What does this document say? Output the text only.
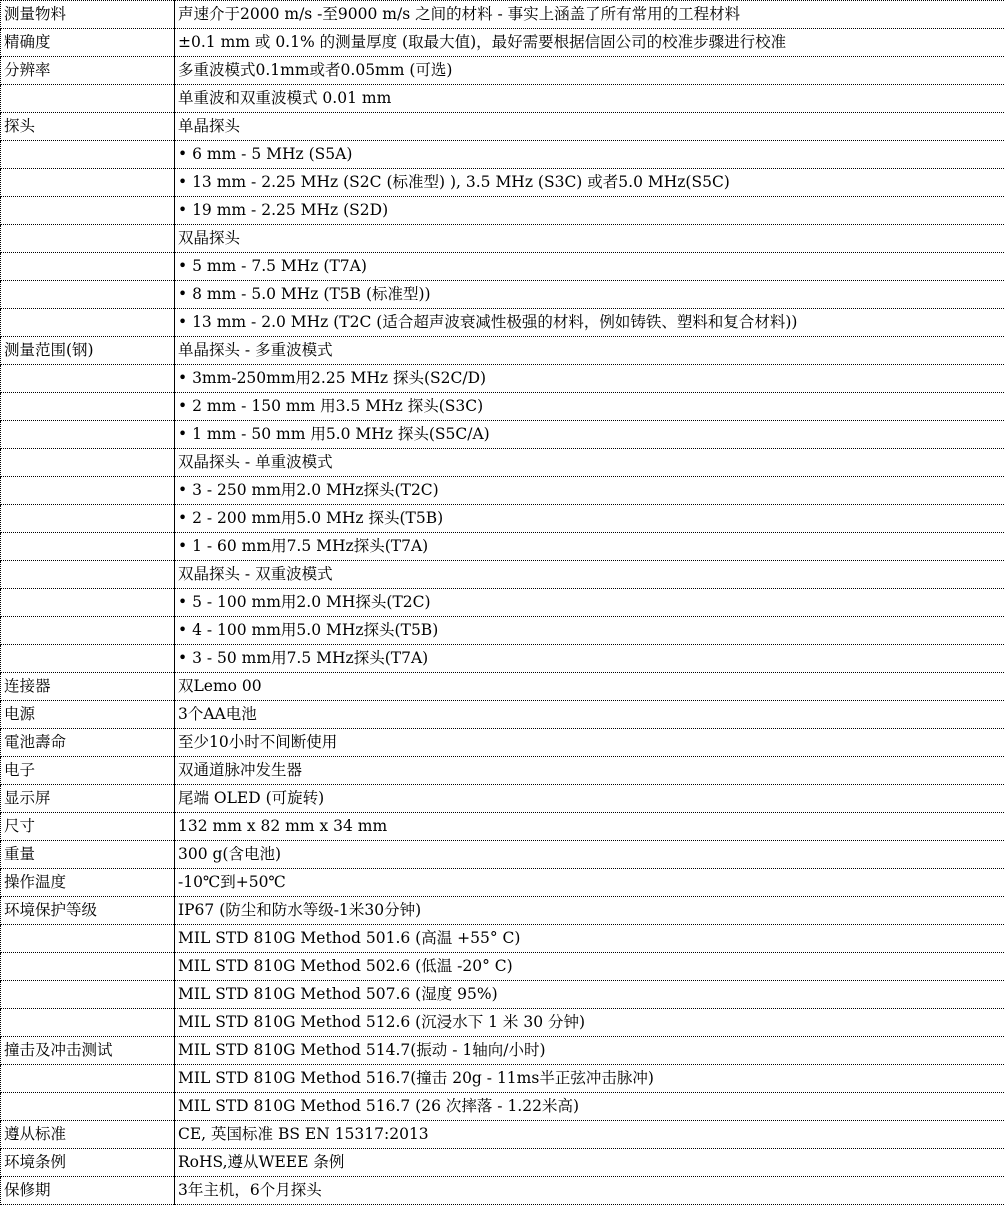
测量物料	声速介于2000 m/s -至9000 m/s 之间的材料 - 事实上涵盖了所有常用的工程材料
精确度	±0.1 mm 或 0.1% 的测量厚度 (取最大值)，最好需要根据信固公司的校准步骤进行校准
分辨率	多重波模式0.1mm或者0.05mm (可选)
	单重波和双重波模式 0.01 mm
探头	单晶探头
	• 6 mm - 5 MHz (S5A)
	• 13 mm - 2.25 MHz (S2C (标准型) ), 3.5 MHz (S3C) 或者5.0 MHz(S5C)
	• 19 mm - 2.25 MHz (S2D)
	双晶探头
	• 5 mm - 7.5 MHz (T7A)
	• 8 mm - 5.0 MHz (T5B (标准型))
	• 13 mm - 2.0 MHz (T2C (适合超声波衰减性极强的材料，例如铸铁、塑料和复合材料))
测量范围(钢)	单晶探头 - 多重波模式
	• 3mm-250mm用2.25 MHz 探头(S2C/D)
	• 2 mm - 150 mm 用3.5 MHz 探头(S3C)
	• 1 mm - 50 mm 用5.0 MHz 探头(S5C/A)
	双晶探头 - 单重波模式
	• 3 - 250 mm用2.0 MHz探头(T2C)
	• 2 - 200 mm用5.0 MHz 探头(T5B)
	• 1 - 60 mm用7.5 MHz探头(T7A)
	双晶探头 - 双重波模式
	• 5 - 100 mm用2.0 MH探头(T2C)
	• 4 - 100 mm用5.0 MHz探头(T5B)
	• 3 - 50 mm用7.5 MHz探头(T7A)
连接器	双Lemo 00
电源	3个AA电池
電池壽命	至少10小时不间断使用
电子	双通道脉冲发生器
显示屏	尾端 OLED (可旋转)
尺寸	132 mm x 82 mm x 34 mm
重量	300 g(含电池)
操作温度	-10℃到+50℃
环境保护等级	IP67 (防尘和防水等级-1米30分钟)
	MIL STD 810G Method 501.6 (高温 +55° C)
	MIL STD 810G Method 502.6 (低温 -20° C)
	MIL STD 810G Method 507.6 (湿度 95%)
	MIL STD 810G Method 512.6 (沉浸水下 1 米 30 分钟)
撞击及冲击测试	MIL STD 810G Method 514.7(振动 - 1轴向/小时)
	MIL STD 810G Method 516.7(撞击 20g - 11ms半正弦冲击脉冲)
	MIL STD 810G Method 516.7 (26 次摔落 - 1.22米高)
遵从标准	CE, 英国标准 BS EN 15317:2013
环境条例	RoHS,遵从WEEE 条例
保修期	3年主机，6个月探头
